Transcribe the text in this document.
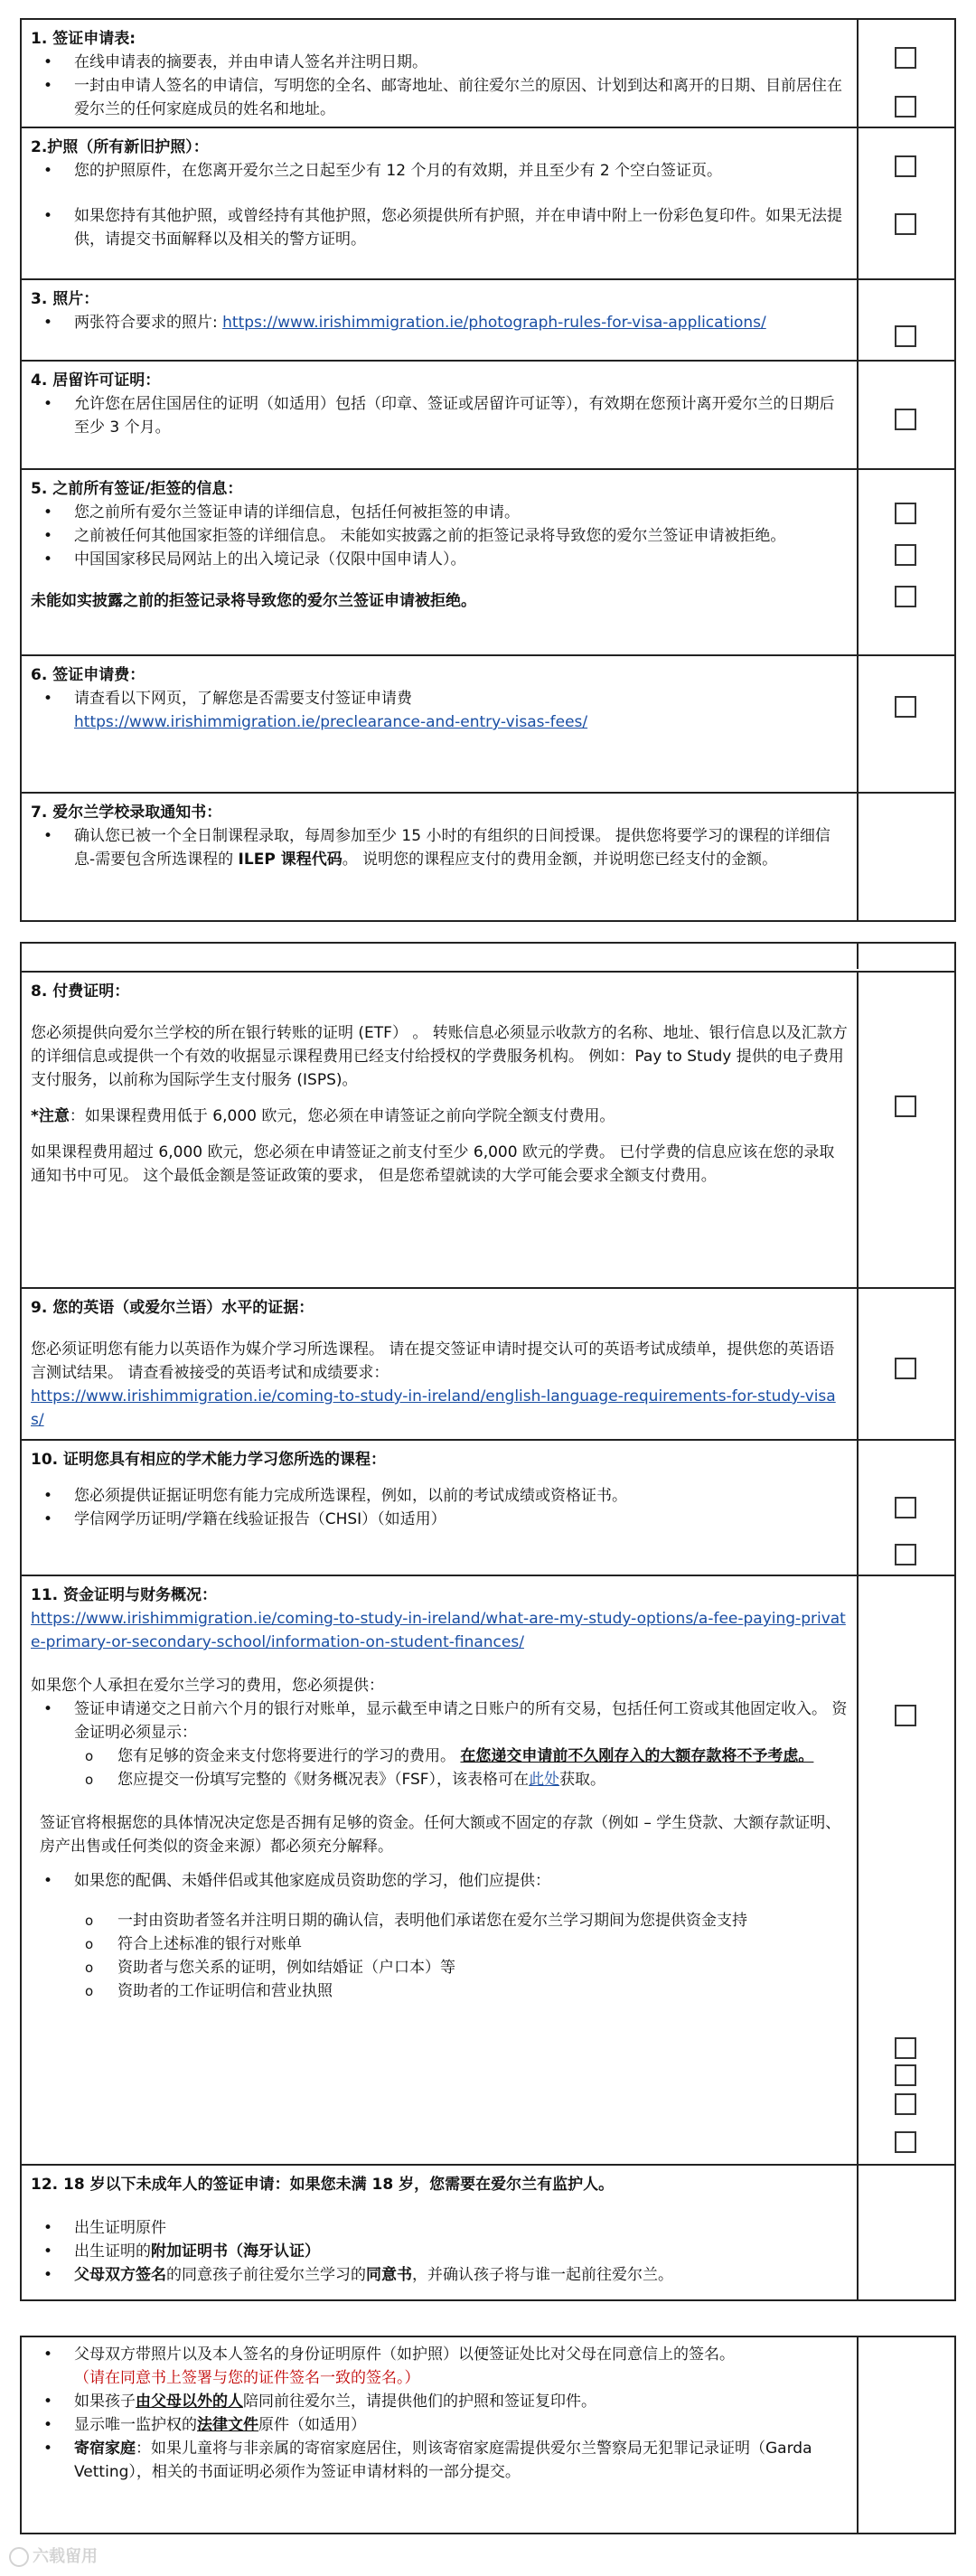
1. 签证申请表:
• 在线申请表的摘要表，并由申请人签名并注明日期。
• 一封由申请人签名的申请信，写明您的全名、邮寄地址、前往爱尔兰的原因、计划到达和离开的日期、目前居住在爱尔兰的任何家庭成员的姓名和地址。
2.护照（所有新旧护照）：
• 您的护照原件，在您离开爱尔兰之日起至少有 12 个月的有效期，并且至少有 2 个空白签证页。
• 如果您持有其他护照，或曾经持有其他护照，您必须提供所有护照，并在申请中附上一份彩色复印件。如果无法提供，请提交书面解释以及相关的警方证明。
3. 照片：
• 两张符合要求的照片: https://www.irishimmigration.ie/photograph-rules-for-visa-applications/
4. 居留许可证明：
• 允许您在居住国居住的证明（如适用）包括（印章、签证或居留许可证等），有效期在您预计离开爱尔兰的日期后至少 3 个月。
5. 之前所有签证/拒签的信息：
• 您之前所有爱尔兰签证申请的详细信息，包括任何被拒签的申请。
• 之前被任何其他国家拒签的详细信息。 未能如实披露之前的拒签记录将导致您的爱尔兰签证申请被拒绝。
• 中国国家移民局网站上的出入境记录（仅限中国申请人）。
未能如实披露之前的拒签记录将导致您的爱尔兰签证申请被拒绝。
6. 签证申请费：
• 请查看以下网页，了解您是否需要支付签证申请费
https://www.irishimmigration.ie/preclearance-and-entry-visas-fees/
7. 爱尔兰学校录取通知书：
• 确认您已被一个全日制课程录取，每周参加至少 15 小时的有组织的日间授课。 提供您将要学习的课程的详细信息-需要包含所选课程的 ILEP 课程代码。 说明您的课程应支付的费用金额，并说明您已经支付的金额。
8. 付费证明：

您必须提供向爱尔兰学校的所在银行转账的证明 (ETF） 。 转账信息必须显示收款方的名称、地址、银行信息以及汇款方的详细信息或提供一个有效的收据显示课程费用已经支付给授权的学费服务机构。 例如：Pay to Study 提供的电子费用支付服务，以前称为国际学生支付服务 (ISPS)。

*注意：如果课程费用低于 6,000 欧元，您必须在申请签证之前向学院全额支付费用。

如果课程费用超过 6,000 欧元，您必须在申请签证之前支付至少 6,000 欧元的学费。 已付学费的信息应该在您的录取通知书中可见。 这个最低金额是签证政策的要求， 但是您希望就读的大学可能会要求全额支付费用。

9. 您的英语（或爱尔兰语）水平的证据：

您必须证明您有能力以英语作为媒介学习所选课程。 请在提交签证申请时提交认可的英语考试成绩单，提供您的英语语言测试结果。 请查看被接受的英语考试和成绩要求：

https://www.irishimmigration.ie/coming-to-study-in-ireland/english-language-requirements-for-study-visas/
10. 证明您具有相应的学术能力学习您所选的课程：
• 您必须提供证据证明您有能力完成所选课程，例如，以前的考试成绩或资格证书。
• 学信网学历证明/学籍在线验证报告（CHSI）（如适用）
11. 资金证明与财务概况：
https://www.irishimmigration.ie/coming-to-study-in-ireland/what-are-my-study-options/a-fee-paying-private-primary-or-secondary-school/information-on-student-finances/

如果您个人承担在爱尔兰学习的费用，您必须提供：

• 签证申请递交之日前六个月的银行对账单，显示截至申请之日账户的所有交易，包括任何工资或其他固定收入。 资金证明必须显示：
o 您有足够的资金来支付您将要进行的学习的费用。 在您递交申请前不久刚存入的大额存款将不予考虑。
o 您应提交一份填写完整的《财务概况表》（FSF），该表格可在此处获取。

签证官将根据您的具体情况决定您是否拥有足够的资金。任何大额或不固定的存款（例如 – 学生贷款、大额存款证明、房产出售或任何类似的资金来源）都必须充分解释。

• 如果您的配偶、未婚伴侣或其他家庭成员资助您的学习，他们应提供：
o 一封由资助者签名并注明日期的确认信，表明他们承诺您在爱尔兰学习期间为您提供资金支持
o 符合上述标准的银行对账单
o 资助者与您关系的证明，例如结婚证（户口本）等
o 资助者的工作证明信和营业执照
12. 18 岁以下未成年人的签证申请：如果您未满 18 岁，您需要在爱尔兰有监护人。
• 出生证明原件
• 出生证明的附加证明书（海牙认证）
• 父母双方签名的同意孩子前往爱尔兰学习的同意书，并确认孩子将与谁一起前往爱尔兰。
• 父母双方带照片以及本人签名的身份证明原件（如护照）以便签证处比对父母在同意信上的签名。
（请在同意书上签署与您的证件签名一致的签名。）
• 如果孩子由父母以外的人陪同前往爱尔兰，请提供他们的护照和签证复印件。
• 显示唯一监护权的法律文件原件（如适用）
• 寄宿家庭：如果儿童将与非亲属的寄宿家庭居住，则该寄宿家庭需提供爱尔兰警察局无犯罪记录证明（Garda Vetting），相关的书面证明必须作为签证申请材料的一部分提交。
六载留用
